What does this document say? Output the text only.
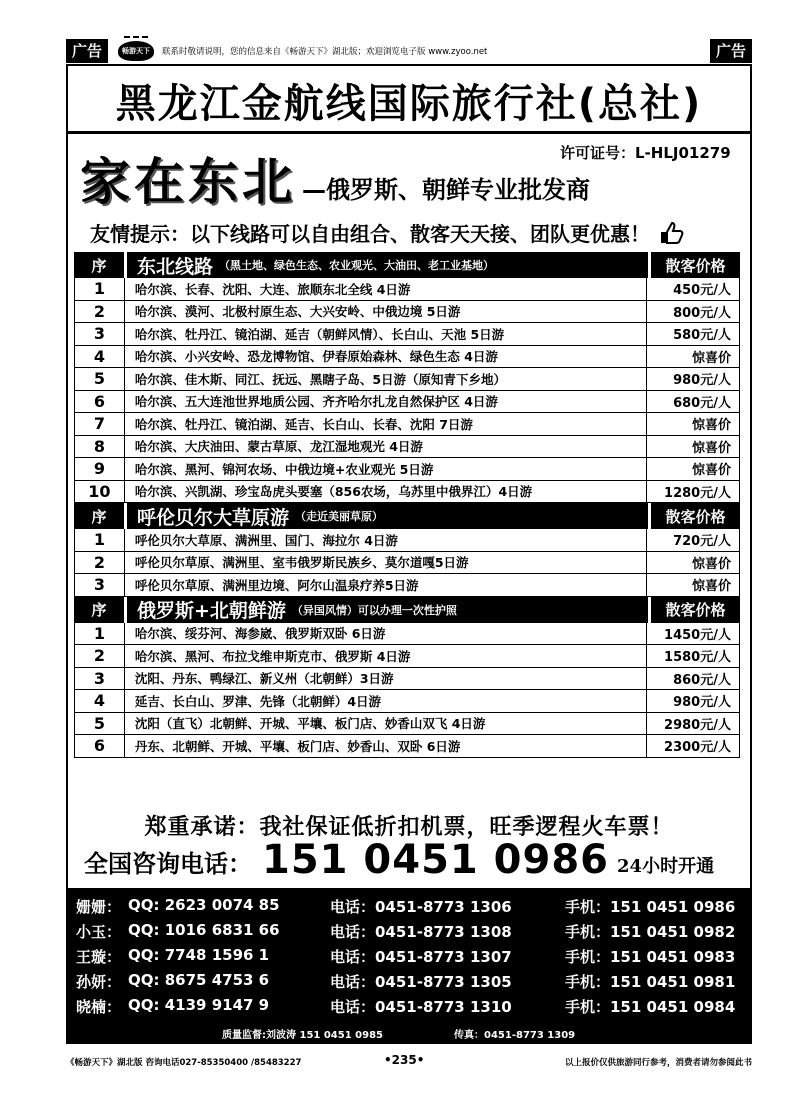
广告	畅游天下	联系时敬请说明，您的信息来自《畅游天下》湖北版；欢迎浏览电子版 www.zyoo.net	广告
黑龙江金航线国际旅行社(总社)
许可证号：L-HLJ01279
家在东北 —俄罗斯、朝鲜专业批发商
友情提示：以下线路可以自由组合、散客天天接、团队更优惠！
序	东北线路 （黑土地、绿色生态、农业观光、大油田、老工业基地）	散客价格
1	哈尔滨、长春、沈阳、大连、旅顺东北全线 4日游	450元/人
2	哈尔滨、漠河、北极村原生态、大兴安岭、中俄边境 5日游	800元/人
3	哈尔滨、牡丹江、镜泊湖、延吉（朝鲜风情）、长白山、天池 5日游	580元/人
4	哈尔滨、小兴安岭、恐龙博物馆、伊春原始森林、绿色生态 4日游	惊喜价
5	哈尔滨、佳木斯、同江、抚远、黑瞎子岛、5日游（原知青下乡地）	980元/人
6	哈尔滨、五大连池世界地质公园、齐齐哈尔扎龙自然保护区 4日游	680元/人
7	哈尔滨、牡丹江、镜泊湖、延吉、长白山、长春、沈阳 7日游	惊喜价
8	哈尔滨、大庆油田、蒙古草原、龙江湿地观光 4日游	惊喜价
9	哈尔滨、黑河、锦河农场、中俄边境+农业观光 5日游	惊喜价
10	哈尔滨、兴凯湖、珍宝岛虎头要塞（856农场，乌苏里中俄界江）4日游	1280元/人
序	呼伦贝尔大草原游 （走近美丽草原）	散客价格
1	呼伦贝尔大草原、满洲里、国门、海拉尔 4日游	720元/人
2	呼伦贝尔草原、满洲里、室韦俄罗斯民族乡、莫尔道嘎5日游	惊喜价
3	呼伦贝尔草原、满洲里边境、阿尔山温泉疗养5日游	惊喜价
序	俄罗斯+北朝鲜游 （异国风情）可以办理一次性护照	散客价格
1	哈尔滨、绥芬河、海参崴、俄罗斯双卧 6日游	1450元/人
2	哈尔滨、黑河、布拉戈维申斯克市、俄罗斯 4日游	1580元/人
3	沈阳、丹东、鸭绿江、新义州（北朝鲜）3日游	860元/人
4	延吉、长白山、罗津、先锋（北朝鲜）4日游	980元/人
5	沈阳（直飞）北朝鲜、开城、平壤、板门店、妙香山双飞 4日游	2980元/人
6	丹东、北朝鲜、开城、平壤、板门店、妙香山、双卧 6日游	2300元/人
郑重承诺：我社保证低折扣机票，旺季逻程火车票！
全国咨询电话： 151 0451 0986 24小时开通
质量监督:刘波涛 151 0451 0985	传真：0451-8773 1309
姗姗： QQ: 2623 0074 85	电话：0451-8773 1306	手机：151 0451 0986
小玉： QQ: 1016 6831 66	电话：0451-8773 1308	手机：151 0451 0982
王璇： QQ: 7748 1596 1	电话：0451-8773 1307	手机：151 0451 0983
孙妍： QQ: 8675 4753 6	电话：0451-8773 1305	手机：151 0451 0981
晓楠： QQ: 4139 9147 9	电话：0451-8773 1310	手机：151 0451 0984
《畅游天下》湖北版 咨询电话027-85350400 /85483227	•235•	以上报价仅供旅游同行参考，消费者请勿参阅此书
